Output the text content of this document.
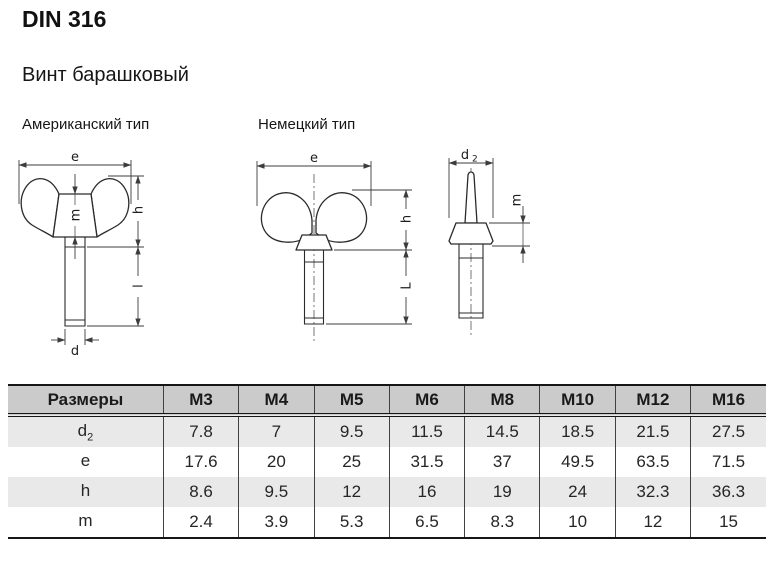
DIN 316
Винт барашковый
Американский тип	Немецкий тип
e
m	h
l
d
e
h
L
d 2
m
Размеры	M3	M4	M5	M6	M8	M10	M12	M16
$d_2$	7.8	7	9.5	11.5	14.5	18.5	21.5	27.5
e	17.6	20	25	31.5	37	49.5	63.5	71.5
h	8.6	9.5	12	16	19	24	32.3	36.3
m	2.4	3.9	5.3	6.5	8.3	10	12	15
